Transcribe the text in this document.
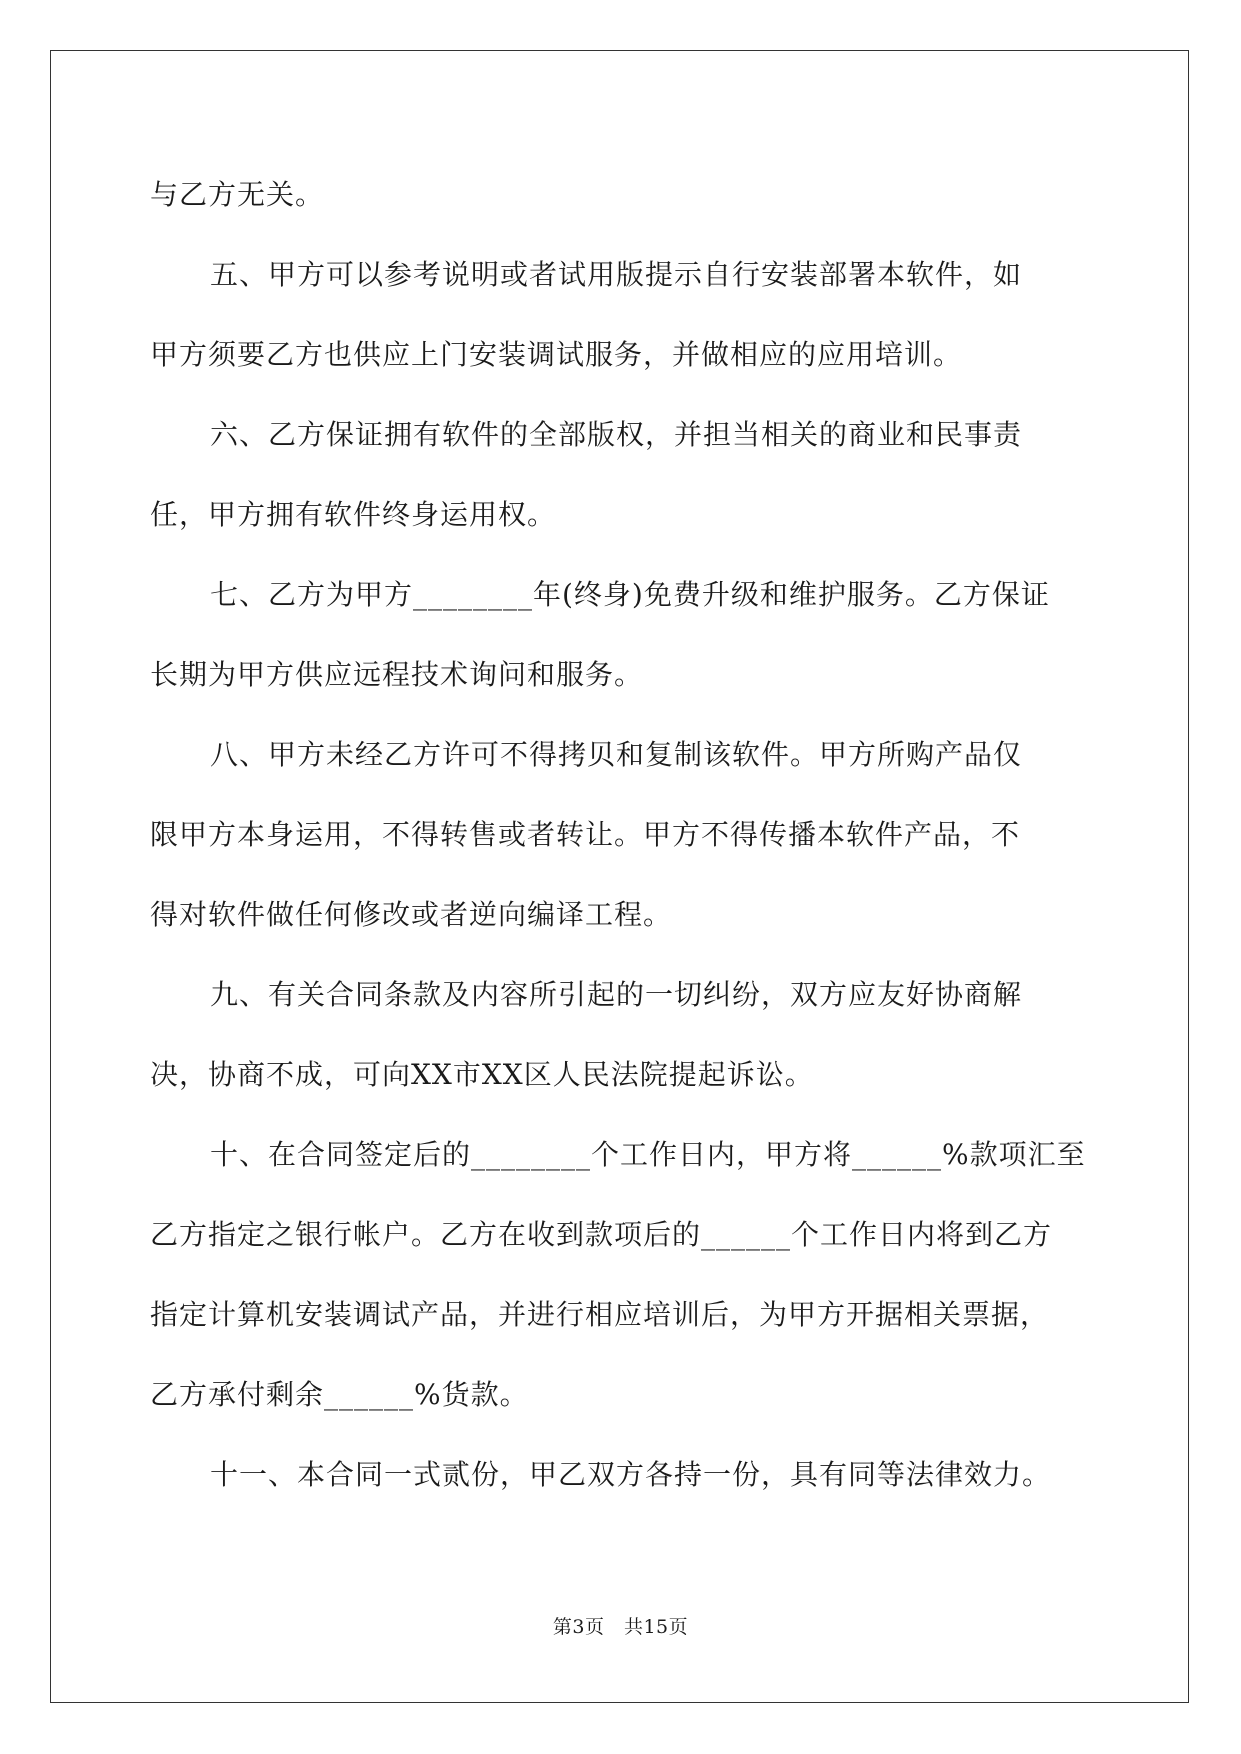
与乙方无关。
五、甲方可以参考说明或者试用版提示自行安装部署本软件，如
甲方须要乙方也供应上门安装调试服务，并做相应的应用培训。
六、乙方保证拥有软件的全部版权，并担当相关的商业和民事责
任，甲方拥有软件终身运用权。
七、乙方为甲方________年(终身)免费升级和维护服务。乙方保证
长期为甲方供应远程技术询问和服务。
八、甲方未经乙方许可不得拷贝和复制该软件。甲方所购产品仅
限甲方本身运用，不得转售或者转让。甲方不得传播本软件产品，不
得对软件做任何修改或者逆向编译工程。
九、有关合同条款及内容所引起的一切纠纷，双方应友好协商解
决，协商不成，可向XX市XX区人民法院提起诉讼。
十、在合同签定后的________个工作日内，甲方将______%款项汇至
乙方指定之银行帐户。乙方在收到款项后的______个工作日内将到乙方
指定计算机安装调试产品，并进行相应培训后，为甲方开据相关票据，
乙方承付剩余______%货款。
十一、本合同一式贰份，甲乙双方各持一份，具有同等法律效力。
第3页　共15页
